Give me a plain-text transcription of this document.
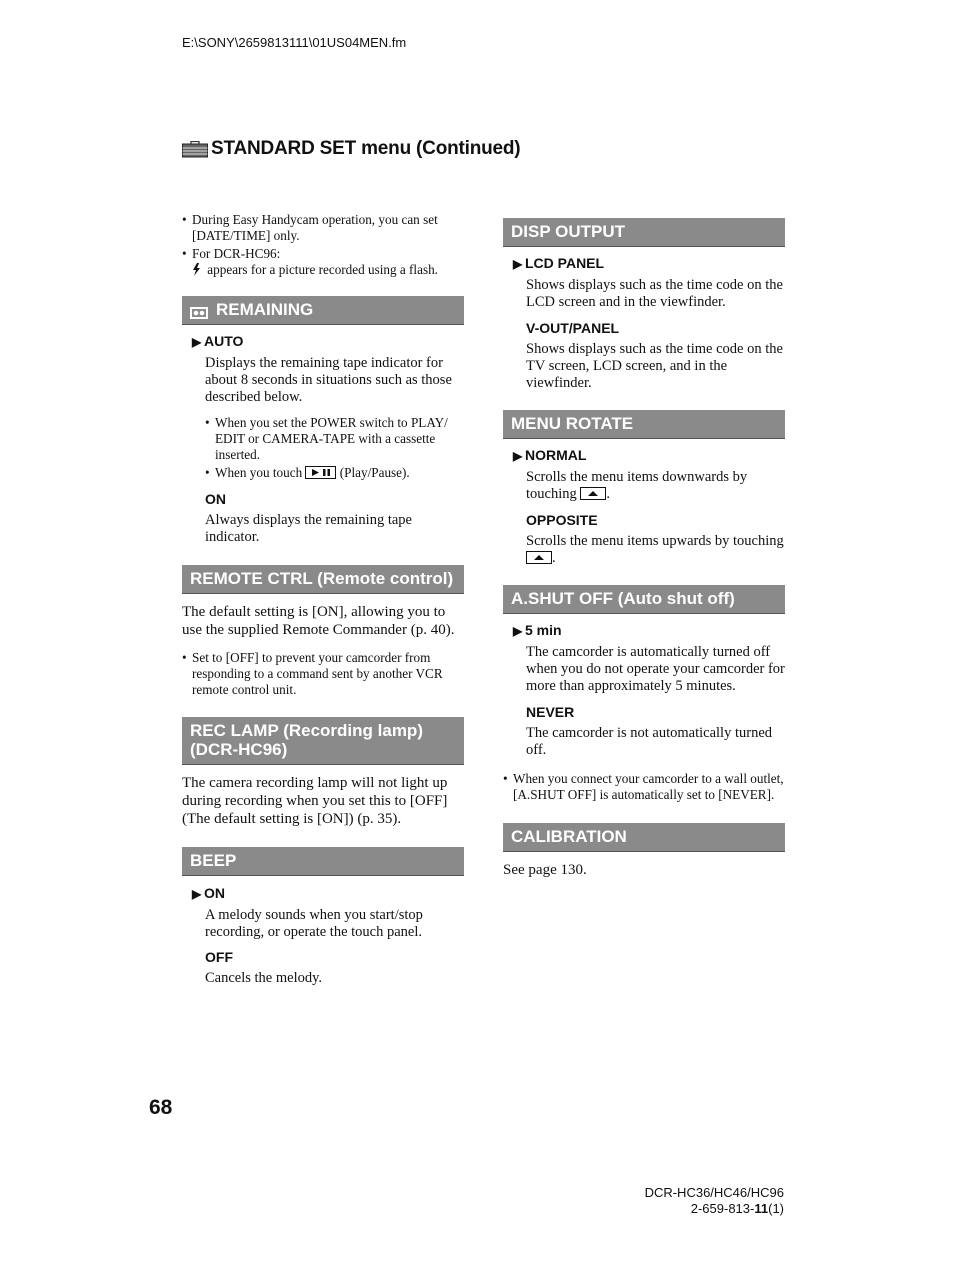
E:\SONY\2659813111\01US04MEN.fm
STANDARD SET menu (Continued)
• During Easy Handycam operation, you can set [DATE/TIME] only.
• For DCR-HC96:
appears for a picture recorded using a flash.
REMAINING
▶ AUTO
Displays the remaining tape indicator for about 8 seconds in situations such as those described below.
• When you set the POWER switch to PLAY/ EDIT or CAMERA-TAPE with a cassette inserted.
• When you touch	(Play/Pause).
ON
Always displays the remaining tape indicator.
REMOTE CTRL (Remote control)
The default setting is [ON], allowing you to use the supplied Remote Commander (p. 40).
• Set to [OFF] to prevent your camcorder from responding to a command sent by another VCR remote control unit.
REC LAMP (Recording lamp)
(DCR-HC96)
The camera recording lamp will not light up during recording when you set this to [OFF] (The default setting is [ON]) (p. 35).
BEEP
▶ ON
A melody sounds when you start/stop recording, or operate the touch panel.
OFF
Cancels the melody.
DISP OUTPUT
▶ LCD PANEL
Shows displays such as the time code on the LCD screen and in the viewfinder.
V-OUT/PANEL
Shows displays such as the time code on the TV screen, LCD screen, and in the viewfinder.
MENU ROTATE
▶ NORMAL
Scrolls the menu items downwards by touching .
OPPOSITE
Scrolls the menu items upwards by touching
.
A.SHUT OFF (Auto shut off)
▶ 5 min
The camcorder is automatically turned off when you do not operate your camcorder for more than approximately 5 minutes.
NEVER
The camcorder is not automatically turned off.
• When you connect your camcorder to a wall outlet, [A.SHUT OFF] is automatically set to [NEVER].
CALIBRATION
See page 130.
68
DCR-HC36/HC46/HC96
2-659-813-11(1)
